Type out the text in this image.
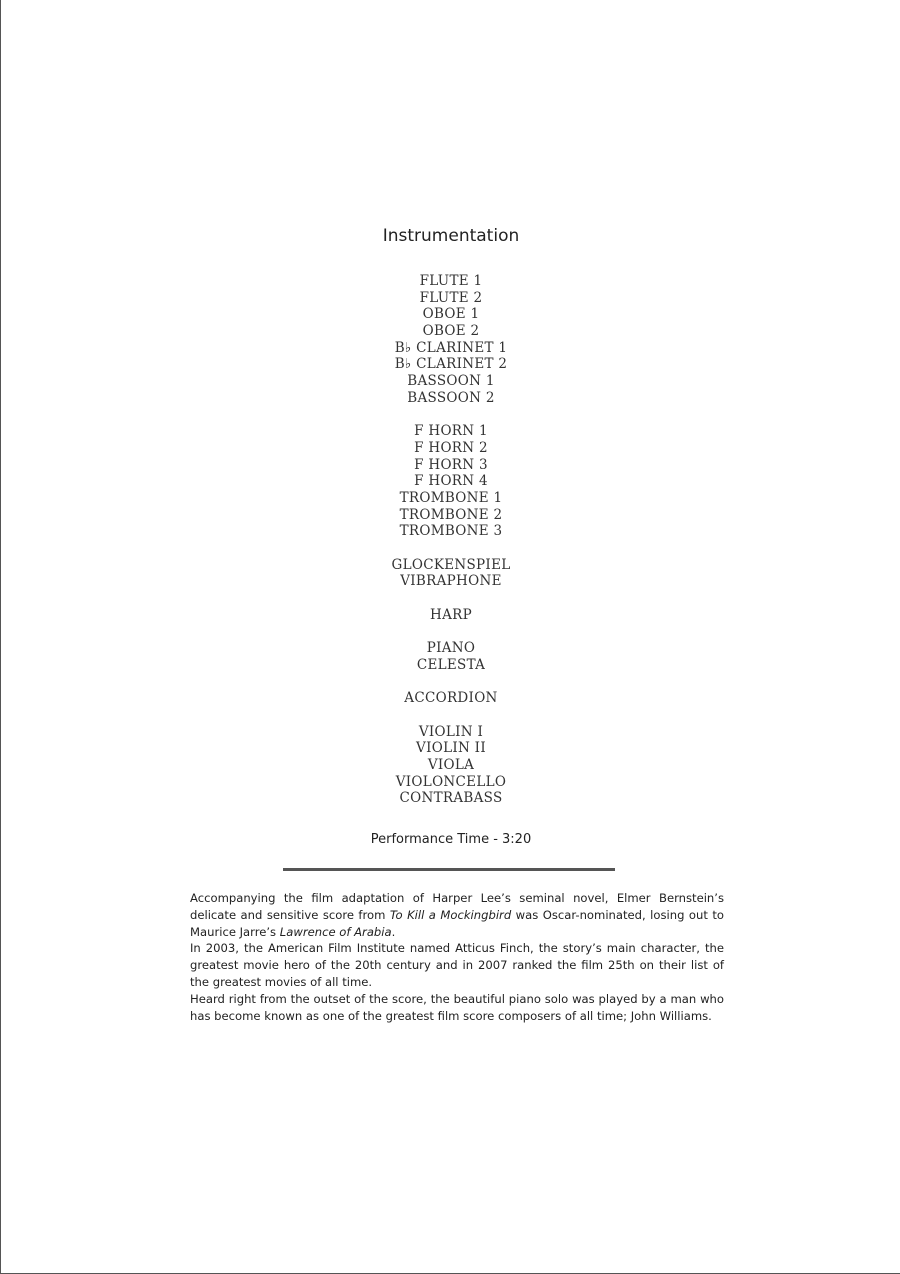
Instrumentation
FLUTE 1
FLUTE 2
OBOE 1
OBOE 2
B♭ CLARINET 1
B♭ CLARINET 2
BASSOON 1
BASSOON 2
F HORN 1
F HORN 2
F HORN 3
F HORN 4
TROMBONE 1
TROMBONE 2
TROMBONE 3
GLOCKENSPIEL
VIBRAPHONE
HARP
PIANO
CELESTA
ACCORDION
VIOLIN I
VIOLIN II
VIOLA
VIOLONCELLO
CONTRABASS
Performance Time - 3:20

Accompanying the film adaptation of Harper Lee’s seminal novel, Elmer Bernstein’s delicate and sensitive score from To Kill a Mockingbird was Oscar-nominated, losing out to Maurice Jarre’s Lawrence of Arabia.

In 2003, the American Film Institute named Atticus Finch, the story’s main character, the greatest movie hero of the 20th century and in 2007 ranked the film 25th on their list of the greatest movies of all time.

Heard right from the outset of the score, the beautiful piano solo was played by a man who has become known as one of the greatest film score composers of all time; John Williams.
